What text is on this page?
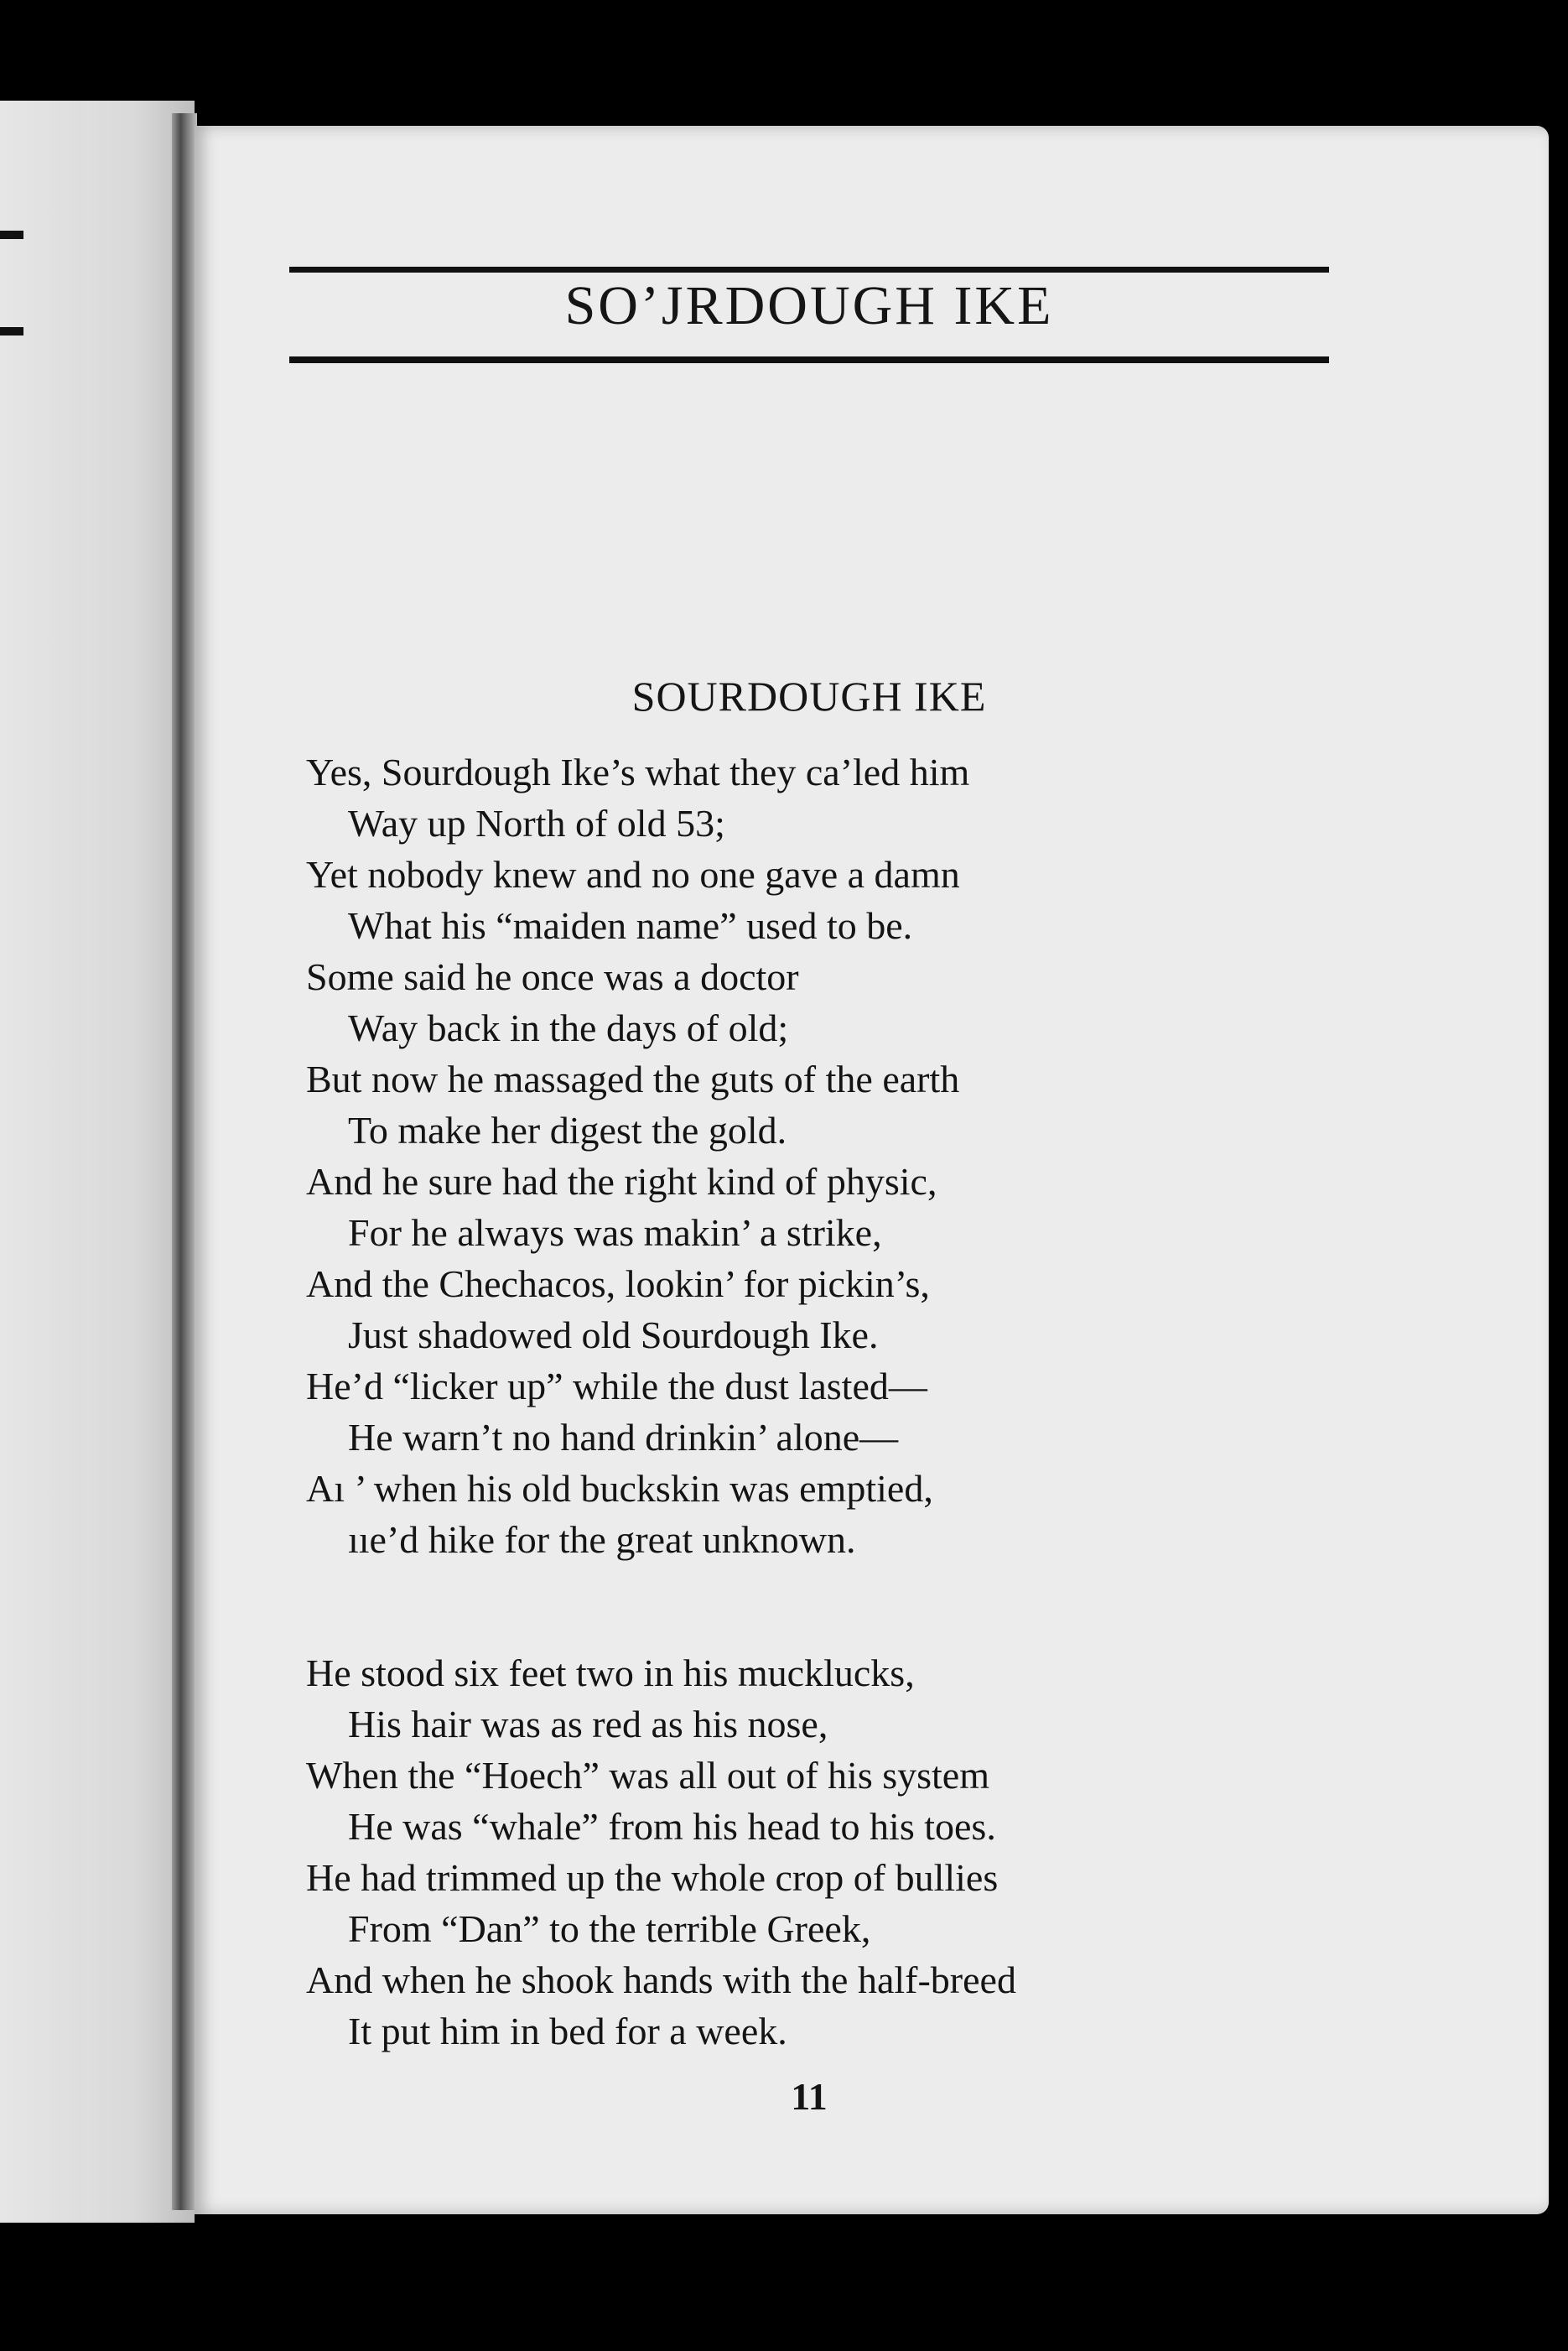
SO’JRDOUGH IKE
SOURDOUGH IKE
Yes, Sourdough Ike’s what they ca’led him
Way up North of old 53;
Yet nobody knew and no one gave a damn
What his “maiden name” used to be.
Some said he once was a doctor
Way back in the days of old;
But now he massaged the guts of the earth
To make her digest the gold.
And he sure had the right kind of physic,
For he always was makin’ a strike,
And the Chechacos, lookin’ for pickin’s,
Just shadowed old Sourdough Ike.
He’d “licker up” while the dust lasted—
He warn’t no hand drinkin’ alone—
Aı ’ when his old buckskin was emptied,
ııe’d hike for the great unknown.
He stood six feet two in his mucklucks,
His hair was as red as his nose,
When the “Hoech” was all out of his system
He was “whale” from his head to his toes.
He had trimmed up the whole crop of bullies
From “Dan” to the terrible Greek,
And when he shook hands with the half-breed
It put him in bed for a week.
11
